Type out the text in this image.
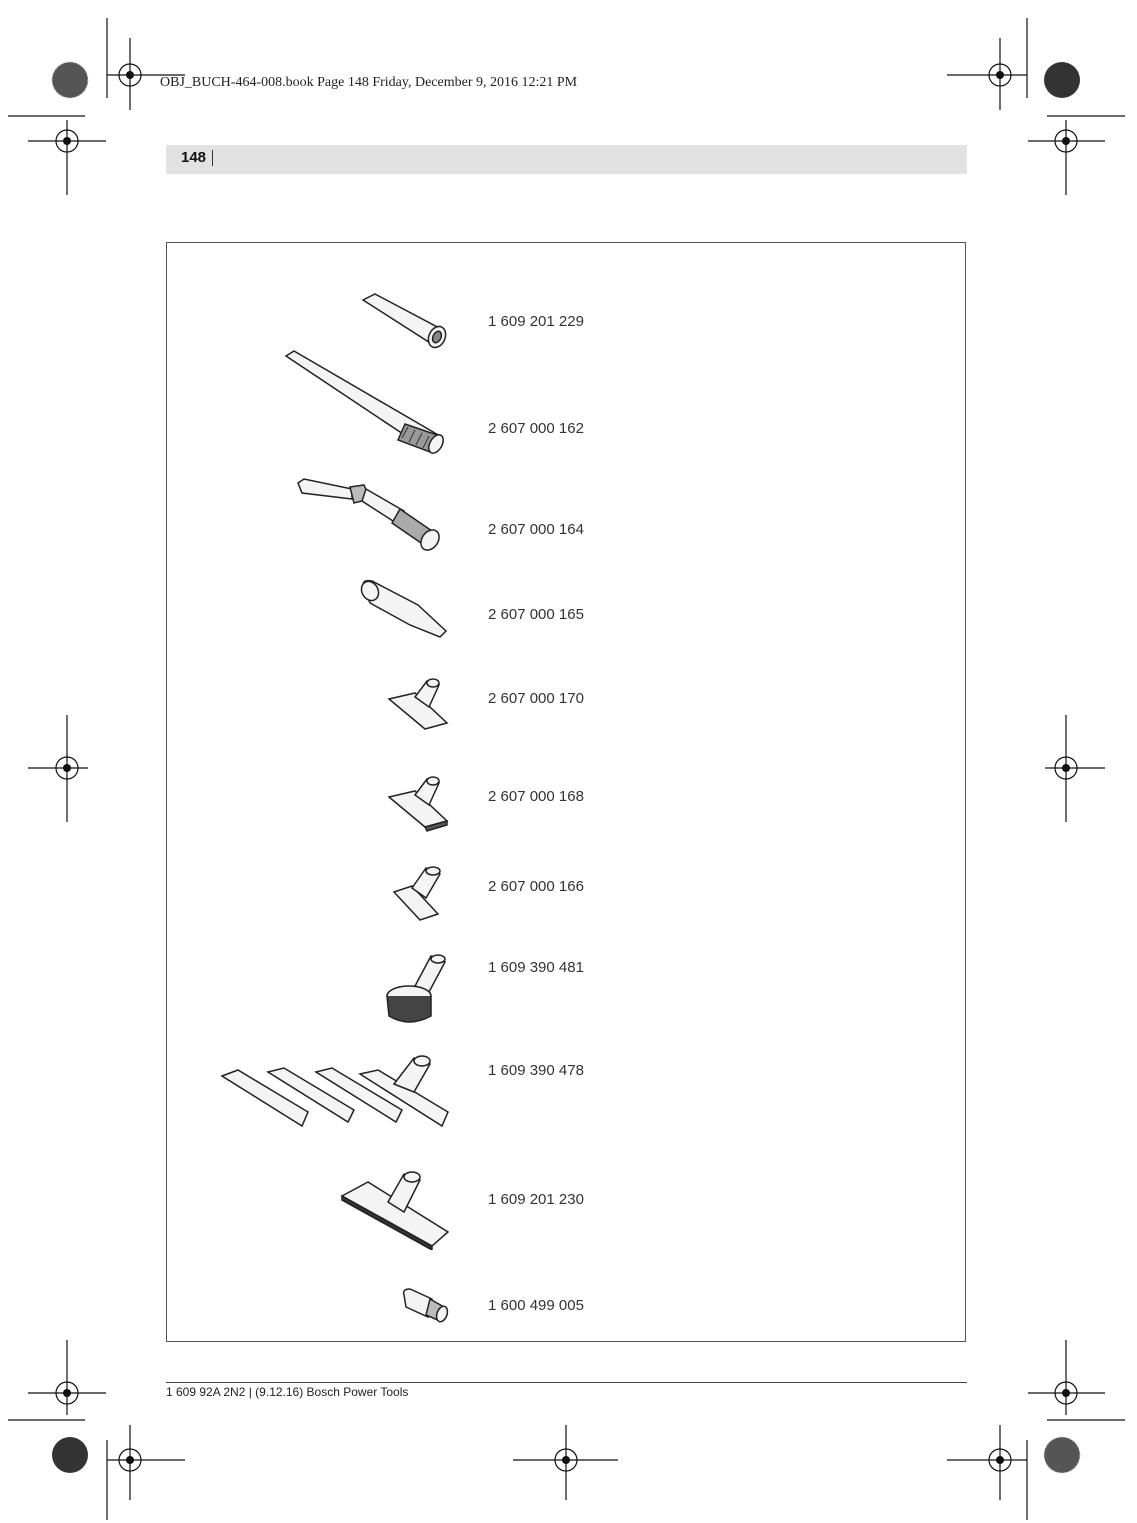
OBJ_BUCH-464-008.book Page 148 Friday, December 9, 2016 12:21 PM
148
1 609 201 229
2 607 000 162
2 607 000 164
2 607 000 165
2 607 000 170
2 607 000 168
2 607 000 166
1 609 390 481
1 609 390 478
1 609 201 230
1 600 499 005
1 609 92A 2N2 | (9.12.16) Bosch Power Tools
